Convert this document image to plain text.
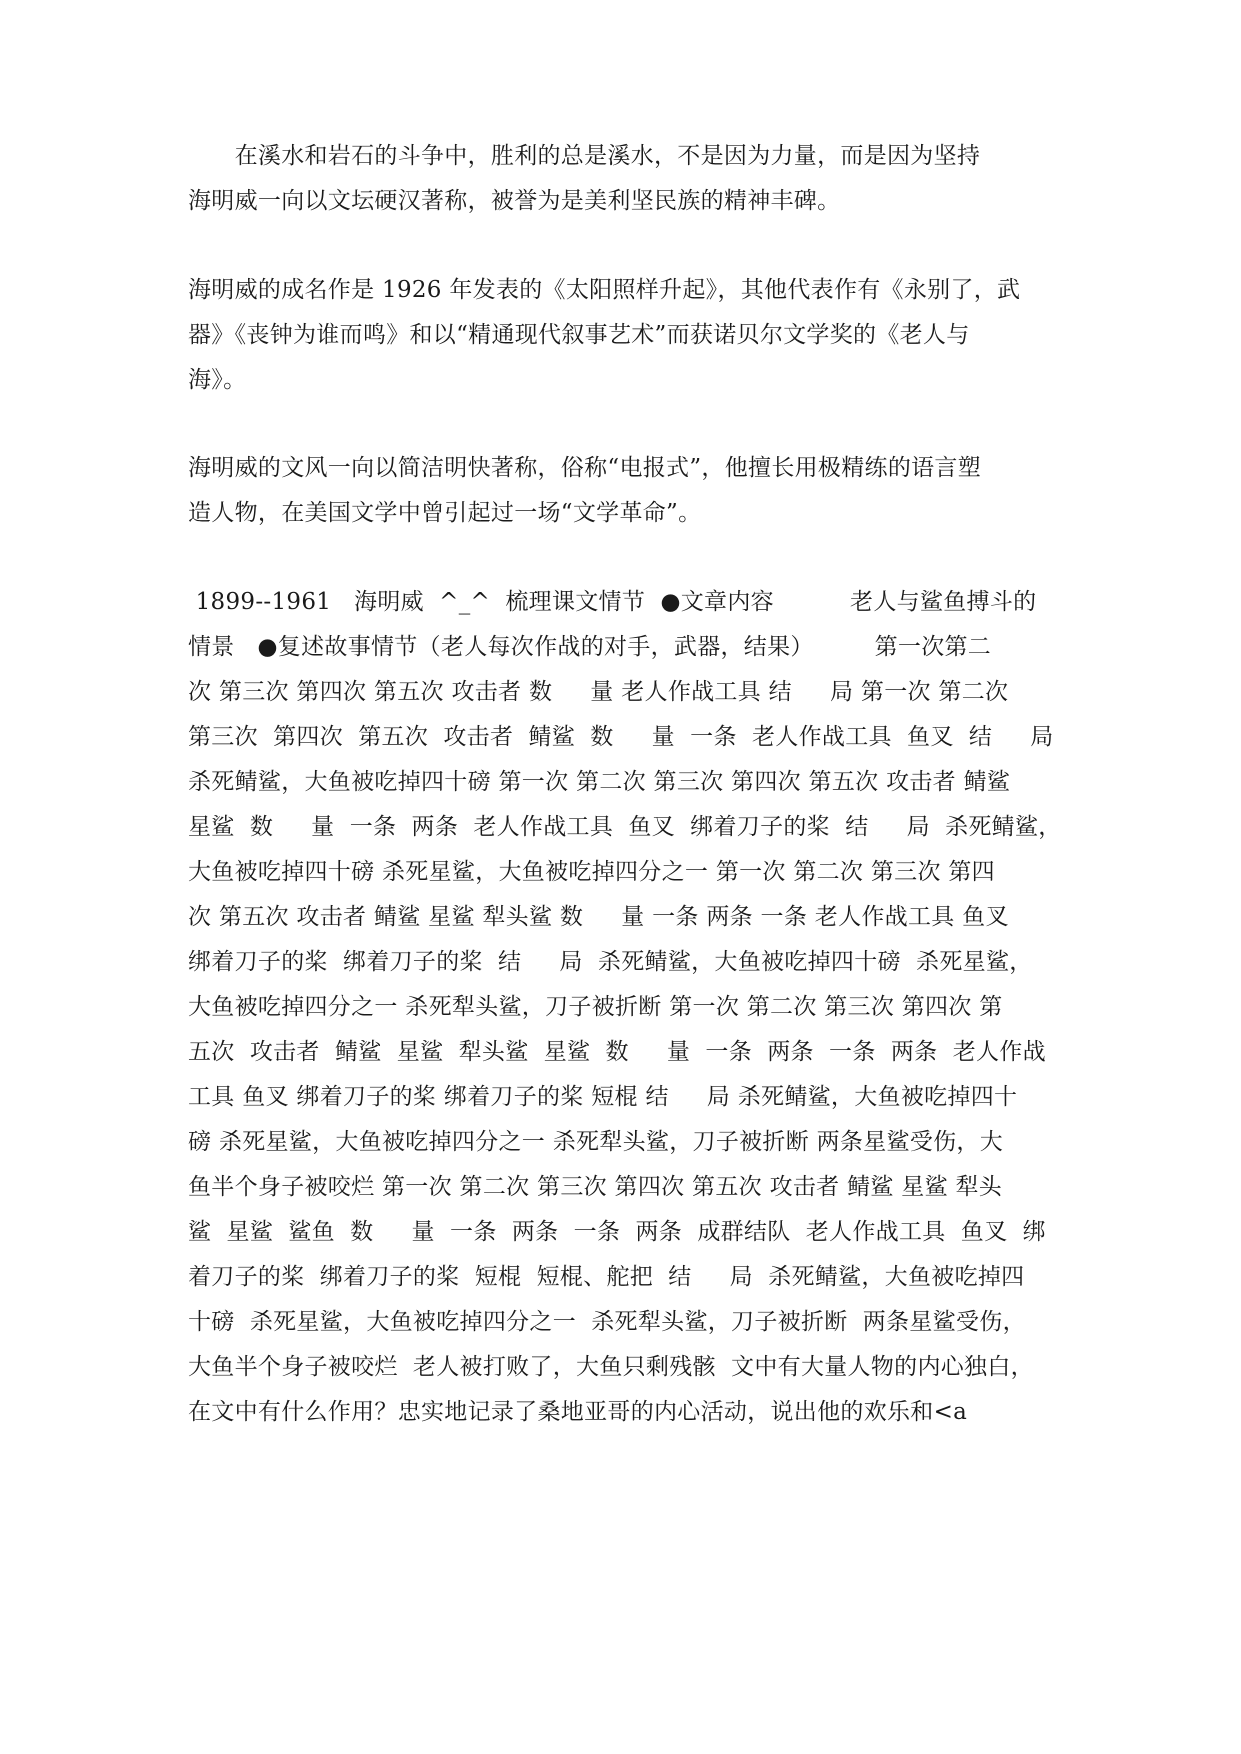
　　在溪水和岩石的斗争中，胜利的总是溪水，不是因为力量，而是因为坚持
海明威一向以文坛硬汉著称，被誉为是美利坚民族的精神丰碑。
海明威的成名作是 1926 年发表的《太阳照样升起》，其他代表作有《永别了，武
器》《丧钟为谁而鸣》和以“精通现代叙事艺术”而获诺贝尔文学奖的《老人与
海》。
海明威的文风一向以简洁明快著称，俗称“电报式”，他擅长用极精练的语言塑
造人物，在美国文学中曾引起过一场“文学革命”。
1899--1961   海明威  ^_^  梳理课文情节  ●文章内容          老人与鲨鱼搏斗的
情景   ●复述故事情节（老人每次作战的对手，武器，结果）        第一次第二
次 第三次 第四次 第五次 攻击者 数     量 老人作战工具 结     局 第一次 第二次
第三次  第四次  第五次  攻击者  鲭鲨  数     量  一条  老人作战工具  鱼叉  结     局
杀死鲭鲨，大鱼被吃掉四十磅 第一次 第二次 第三次 第四次 第五次 攻击者 鲭鲨
星鲨  数     量  一条  两条  老人作战工具  鱼叉  绑着刀子的桨  结     局  杀死鲭鲨，
大鱼被吃掉四十磅 杀死星鲨，大鱼被吃掉四分之一 第一次 第二次 第三次 第四
次 第五次 攻击者 鲭鲨 星鲨 犁头鲨 数     量 一条 两条 一条 老人作战工具 鱼叉
绑着刀子的桨  绑着刀子的桨  结     局  杀死鲭鲨，大鱼被吃掉四十磅  杀死星鲨，
大鱼被吃掉四分之一 杀死犁头鲨，刀子被折断 第一次 第二次 第三次 第四次 第
五次  攻击者  鲭鲨  星鲨  犁头鲨  星鲨  数     量  一条  两条  一条  两条  老人作战
工具 鱼叉 绑着刀子的桨 绑着刀子的桨 短棍 结     局 杀死鲭鲨，大鱼被吃掉四十
磅 杀死星鲨，大鱼被吃掉四分之一 杀死犁头鲨，刀子被折断 两条星鲨受伤，大
鱼半个身子被咬烂 第一次 第二次 第三次 第四次 第五次 攻击者 鲭鲨 星鲨 犁头
鲨  星鲨  鲨鱼  数     量  一条  两条  一条  两条  成群结队  老人作战工具  鱼叉  绑
着刀子的桨  绑着刀子的桨  短棍  短棍、舵把  结     局  杀死鲭鲨，大鱼被吃掉四
十磅  杀死星鲨，大鱼被吃掉四分之一  杀死犁头鲨，刀子被折断  两条星鲨受伤，
大鱼半个身子被咬烂  老人被打败了，大鱼只剩残骸  文中有大量人物的内心独白，
在文中有什么作用？忠实地记录了桑地亚哥的内心活动，说出他的欢乐和<a
